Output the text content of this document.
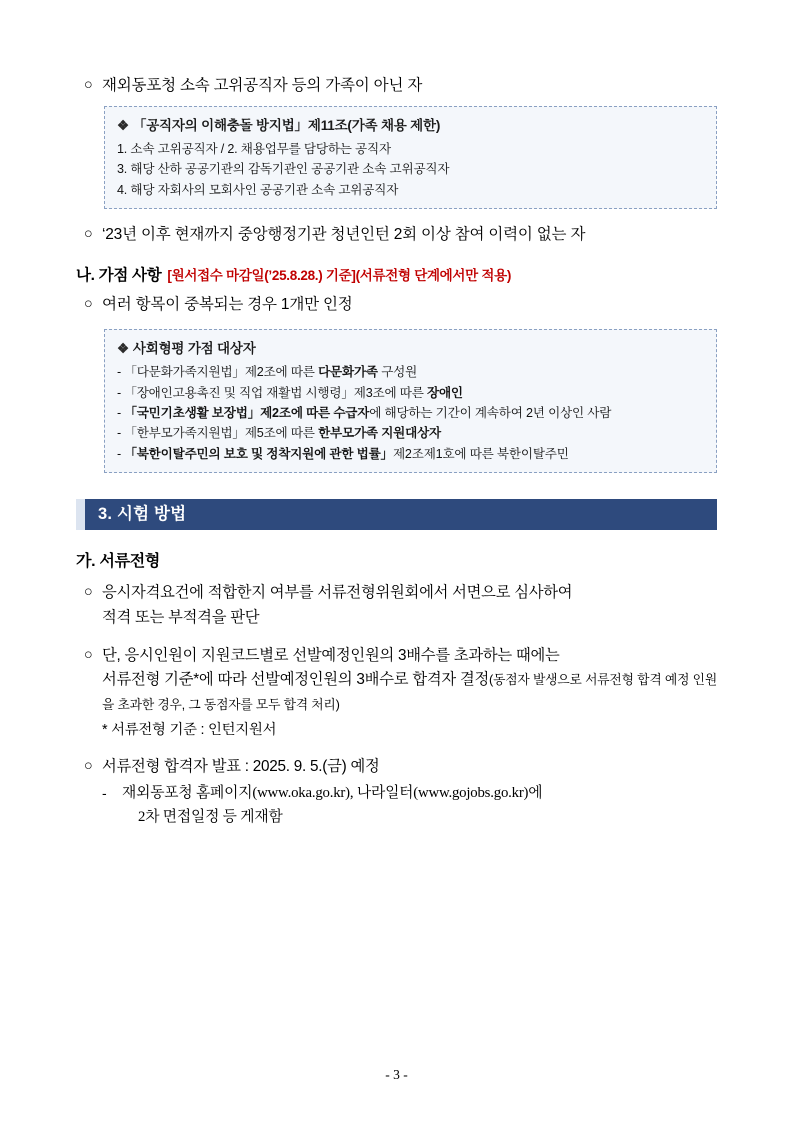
○ 재외동포청 소속 고위공직자 등의 가족이 아닌 자
❖ 「공직자의 이해충돌 방지법」제11조(가족 채용 제한)
1. 소속 고위공직자 / 2. 채용업무를 담당하는 공직자
3. 해당 산하 공공기관의 감독기관인 공공기관 소속 고위공직자
4. 해당 자회사의 모회사인 공공기관 소속 고위공직자
○ ‘23년 이후 현재까지 중앙행정기관 청년인턴 2회 이상 참여 이력이 없는 자
나. 가점 사항 [원서접수 마감일(’25.8.28.) 기준](서류전형 단계에서만 적용)
○ 여러 항목이 중복되는 경우 1개만 인정
❖ 사회형평 가점 대상자
- 「다문화가족지원법」제2조에 따른 다문화가족 구성원
- 「장애인고용촉진 및 직업 재활법 시행령」제3조에 따른 장애인
- 「국민기초생활 보장법」제2조에 따른 수급자에 해당하는 기간이 계속하여 2년 이상인 사람
- 「한부모가족지원법」제5조에 따른 한부모가족 지원대상자
- 「북한이탈주민의 보호 및 정착지원에 관한 법률」제2조제1호에 따른 북한이탈주민
3. 시험 방법
가. 서류전형
○ 응시자격요건에 적합한지 여부를 서류전형위원회에서 서면으로 심사하여
적격 또는 부적격을 판단
○ 단, 응시인원이 지원코드별로 선발예정인원의 3배수를 초과하는 때에는
서류전형 기준*에 따라 선발예정인원의 3배수로 합격자 결정(동점자 발생으로 서류전형 합격 예정 인원을 초과한 경우, 그 동점자를 모두 합격 처리)
* 서류전형 기준 : 인턴지원서
○ 서류전형 합격자 발표 : 2025. 9. 5.(금) 예정
-	재외동포청 홈페이지(www.oka.go.kr), 나라일터(www.gojobs.go.kr)에
2차 면접일정 등 게재함
- 3 -
